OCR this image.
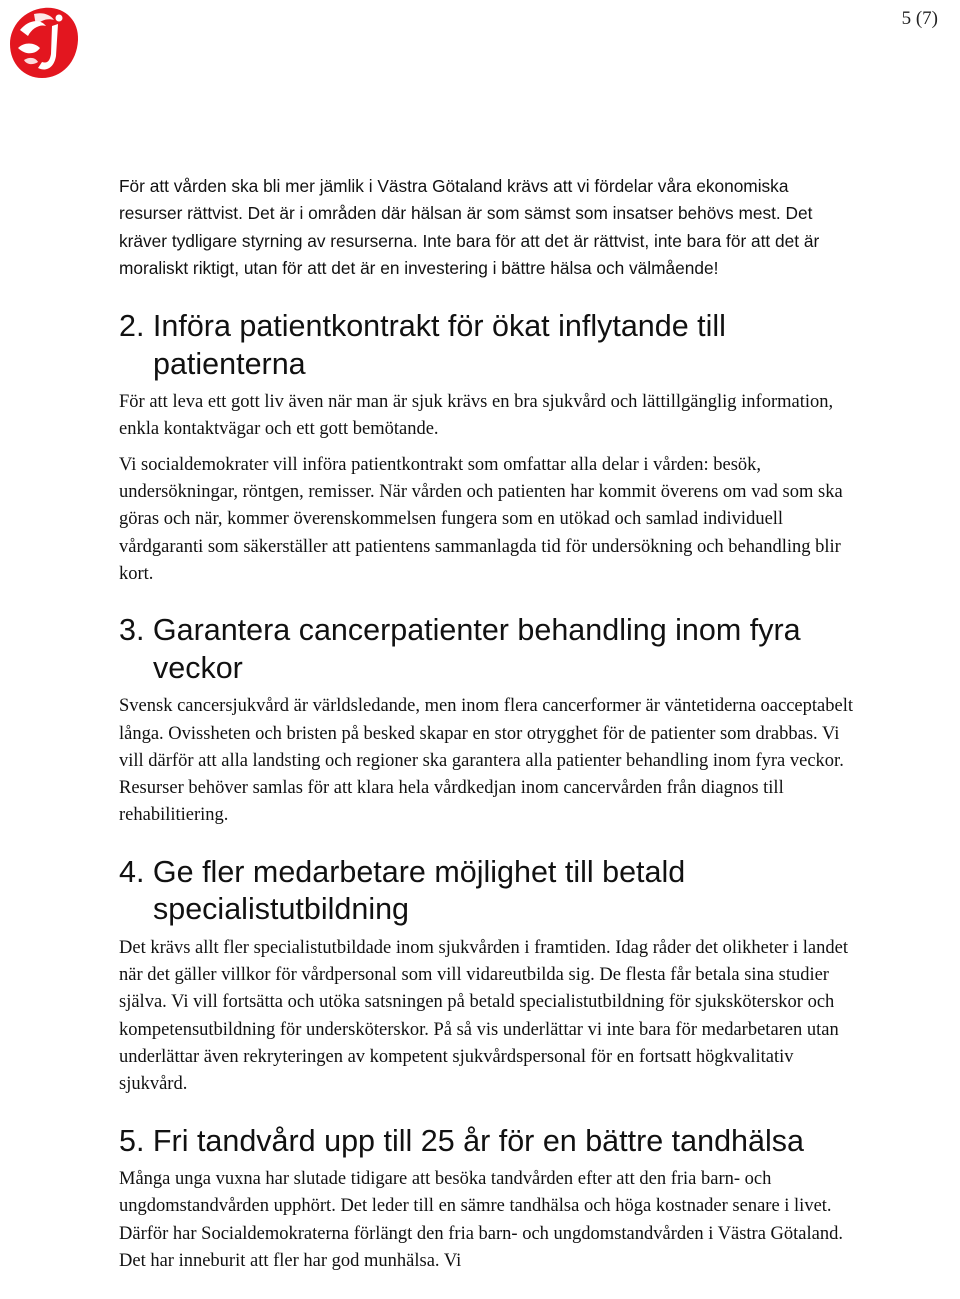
5 (7)

För att vården ska bli mer jämlik i Västra Götaland krävs att vi fördelar våra ekonomiska resurser rättvist. Det är i områden där hälsan är som sämst som insatser behövs mest. Det kräver tydligare styrning av resurserna. Inte bara för att det är rättvist, inte bara för att det är moraliskt riktigt, utan för att det är en investering i bättre hälsa och välmående!

2. Införa patientkontrakt för ökat inflytande till patienterna

För att leva ett gott liv även när man är sjuk krävs en bra sjukvård och lättillgänglig information, enkla kontaktvägar och ett gott bemötande.

Vi socialdemokrater vill införa patientkontrakt som omfattar alla delar i vården: besök, undersökningar, röntgen, remisser. När vården och patienten har kommit överens om vad som ska göras och när, kommer överenskommelsen fungera som en utökad och samlad individuell vårdgaranti som säkerställer att patientens sammanlagda tid för undersökning och behandling blir kort.

3. Garantera cancerpatienter behandling inom fyra veckor

Svensk cancersjukvård är världsledande, men inom flera cancerformer är väntetiderna oacceptabelt långa. Ovissheten och bristen på besked skapar en stor otrygghet för de patienter som drabbas. Vi vill därför att alla landsting och regioner ska garantera alla patienter behandling inom fyra veckor. Resurser behöver samlas för att klara hela vårdkedjan inom cancervården från diagnos till rehabilitiering.

4. Ge fler medarbetare möjlighet till betald specialistutbildning

Det krävs allt fler specialistutbildade inom sjukvården i framtiden. Idag råder det olikheter i landet när det gäller villkor för vårdpersonal som vill vidareutbilda sig. De flesta får betala sina studier själva. Vi vill fortsätta och utöka satsningen på betald specialistutbildning för sjuksköterskor och kompetensutbildning för undersköterskor. På så vis underlättar vi inte bara för medarbetaren utan underlättar även rekryteringen av kompetent sjukvårdspersonal för en fortsatt högkvalitativ sjukvård.

5. Fri tandvård upp till 25 år för en bättre tandhälsa

Många unga vuxna har slutade tidigare att besöka tandvården efter att den fria barn- och ungdomstandvården upphört. Det leder till en sämre tandhälsa och höga kostnader senare i livet. Därför har Socialdemokraterna förlängt den fria barn- och ungdomstandvården i Västra Götaland. Det har inneburit att fler har god munhälsa. Vi
